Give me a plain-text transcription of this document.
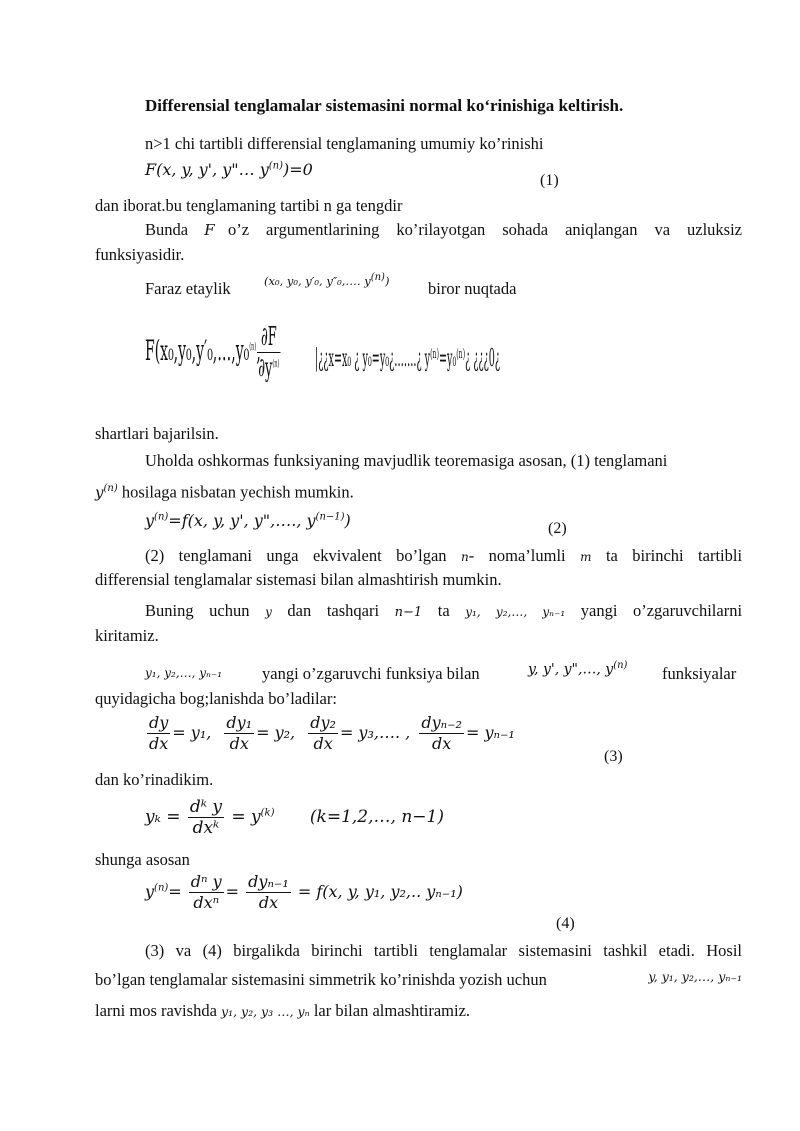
Differensial tenglamalar sistemasini normal ko‘rinishiga keltirish.
n>1 chi tartibli differensial tenglamaning umumiy ko’rinishi
F(x, y, y', y"… $y^{(n)})=0$
(1)
dan iborat.bu tenglamaning tartibi n ga tengdir
Bunda F o’z argumentlarining ko’rilayotgan sohada aniqlangan va uzluksiz
funksiyasidir.
Faraz etaylik	(x₀, y₀, y′₀, y″₀,…. y(n)) biror nuqtada
F(x₀,y₀,y′₀,…,y₀$^{(n)}$, ∂F
$\partial y^{(n)}$ |¿¿x=x₀ ¿ y₀=y₀¿…….¿ y⁽ⁿ⁾=y₀⁽ⁿ⁾¿ ¿¿¿0¿
shartlari bajarilsin.
Uholda oshkormas funksiyaning mavjudlik teoremasiga asosan, (1) tenglamani
$y^{(n)}$ hosilaga nisbatan yechish mumkin.
$y^{(n)}=f(x$, y, y', y",…., $y^{(n-1)}$)	(2)
(2) tenglamani unga ekvivalent bo’lgan n- noma’lumli m ta birinchi tartibli
differensial tenglamalar sistemasi bilan almashtirish mumkin.
Buning uchun y dan tashqari n−1 ta y₁, y₂,…, yₙ₋₁ yangi o’zgaruvchilarni
kiritamiz.
y₁, y₂,…, yₙ₋₁ yangi o’zgaruvchi funksiya bilan	y, y', y",…, $y^{(n)}$ funksiyalar
quyidagicha bog;lanishda bo’ladilar:
$\frac{dy}{dx} = y_1$, $\frac{\text{dy₁}}{dx} = y_2$, $\frac{\text{dy₂}}{dx}$ = y₃,…. , $\frac{\text{dyₙ₋₂}}{dx} = y_{n-1}$
(3)
dan ko’rinadikim.
$y_k = \frac{\text{dᵏ y}}{\text{dxᵏ}} = y^{(k)}$ (k=1,2,…, n−1)
shunga asosan
$y^{(n)}= \frac{\text{dⁿ y}}{\text{dxⁿ}} = \frac{\text{dyₙ₋₁}}{dx} = f(x$, y, y₁, y₂,.. yₙ₋₁)
(4)
(3) va (4) birgalikda birinchi tartibli tenglamalar sistemasini tashkil etadi. Hosil
bo’lgan tenglamalar sistemasini simmetrik ko’rinishda yozish uchun	y, y₁, y₂,…, yₙ₋₁
larni mos ravishda y₁, y₂, y₃ …, yₙ lar bilan almashtiramiz.
